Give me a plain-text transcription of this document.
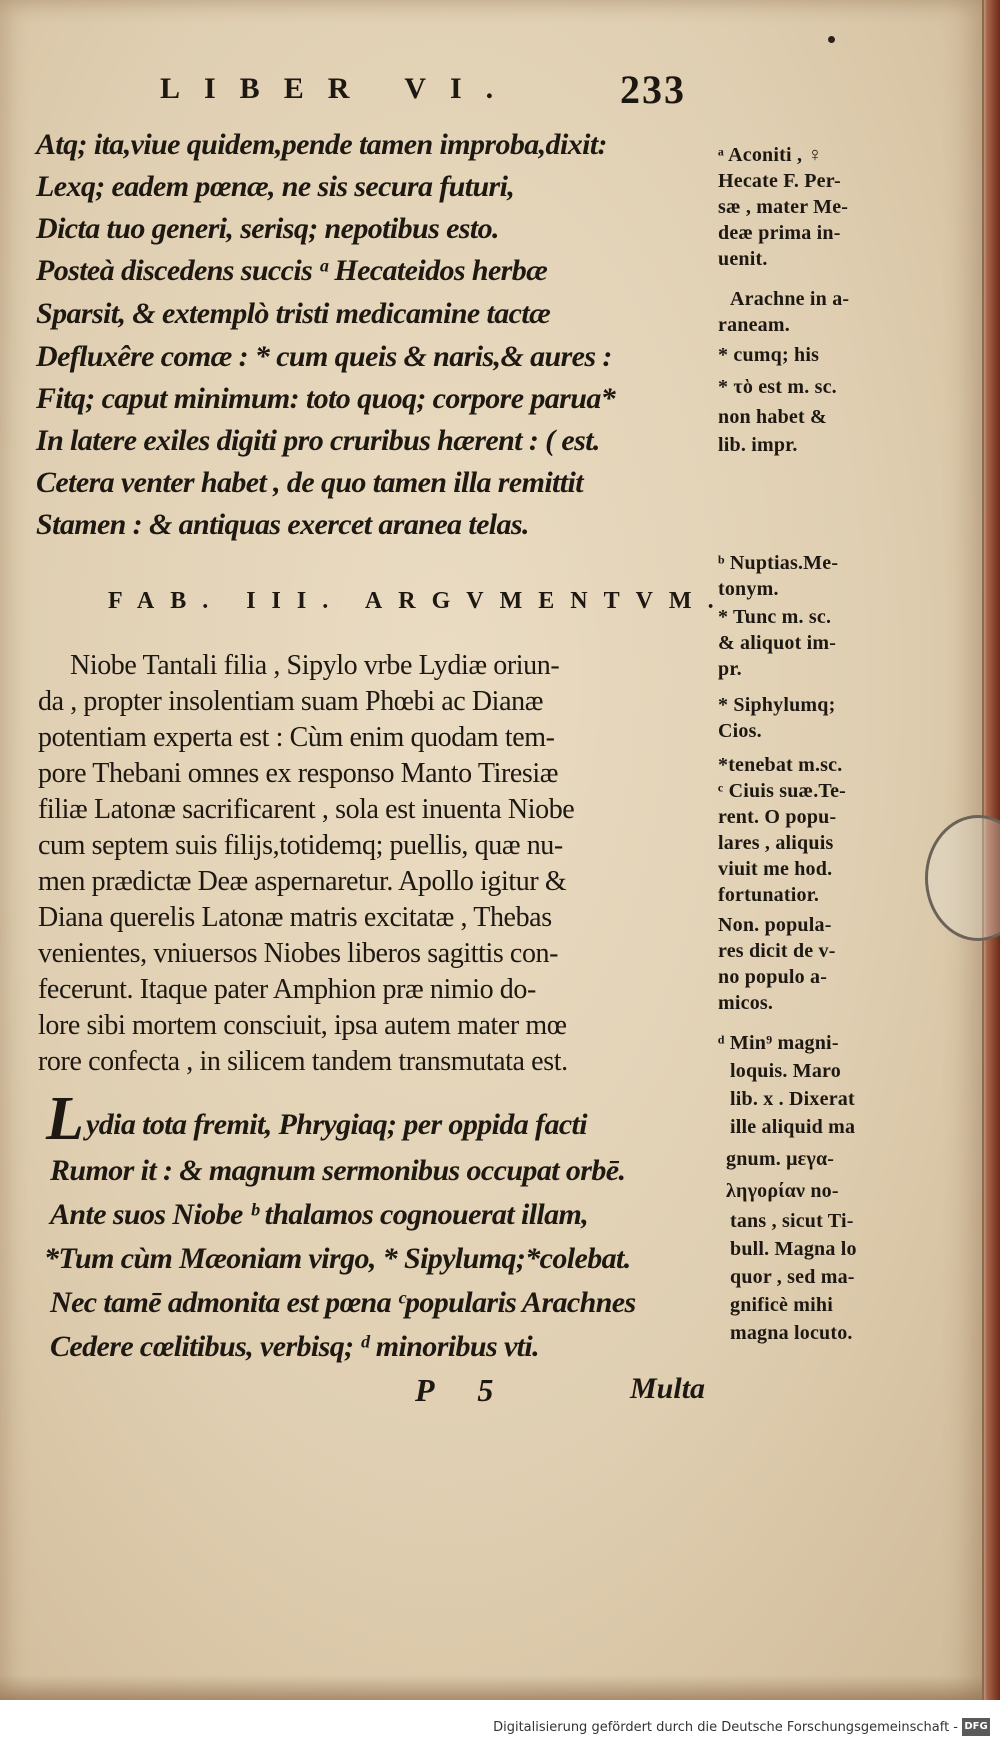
LIBER VI.	233
Atq; ita,viue quidem,pende tamen improba,dixit:
Lexq; eadem pœnæ, ne sis secura futuri,
Dicta tuo generi, serisq; nepotibus esto.
Posteà discedens succis ᵃ Hecateidos herbæ
Sparsit, & extemplò tristi medicamine tactæ
Defluxêre comæ : * cum queis & naris,& aures :
Fitq; caput minimum: toto quoq; corpore parua*
In latere exiles digiti pro cruribus hærent : ( est.
Cetera venter habet , de quo tamen illa remittit
Stamen : & antiquas exercet aranea telas.
FAB. III. ARGVMENTVM.
Niobe Tantali filia , Sipylo vrbe Lydiæ oriun-
da , propter insolentiam suam Phœbi ac Dianæ
potentiam experta est : Cùm enim quodam tem-
pore Thebani omnes ex responso Manto Tiresiæ
filiæ Latonæ sacrificarent , sola est inuenta Niobe
cum septem suis filijs,totidemq; puellis, quæ nu-
men prædictæ Deæ aspernaretur. Apollo igitur &
Diana querelis Latonæ matris excitatæ , Thebas
venientes, vniuersos Niobes liberos sagittis con-
fecerunt. Itaque pater Amphion præ nimio do-
lore sibi mortem consciuit, ipsa autem mater mœ
rore confecta , in silicem tandem transmutata est.
L ydia tota fremit, Phrygiaq; per oppida facti
Rumor it : & magnum sermonibus occupat orbē.
Ante suos Niobe ᵇ thalamos cognouerat illam,
*Tum cùm Mæoniam virgo, * Sipylumq;*colebat.
Nec tamē admonita est pœna ᶜpopularis Arachnes
Cedere cœlitibus, verbisq; ᵈ minoribus vti.
ᵃ Aconiti , ♀
Hecate F. Per-
sæ , mater Me-
deæ prima in-
uenit.
Arachne in a-
raneam.
* cumq; his
* τὸ est m. sc.
non habet &
lib. impr.
ᵇ Nuptias.Me-
tonym.
* Tunc m. sc.
& aliquot im-
pr.
* Siphylumq;
Cios.
*tenebat m.sc.
ᶜ Ciuis suæ.Te-
rent. O popu-
lares , aliquis
viuit me hod.
fortunatior.
Non. popula-
res dicit de v-
no populo a-
micos.
ᵈ Min⁹ magni-
loquis. Maro
lib. x . Dixerat
ille aliquid ma
gnum. μεγα-
ληγορίαν no-
tans , sicut Ti-
bull. Magna lo
quor , sed ma-
gnificè mihi
magna locuto.
P 5	Multa
Digitalisierung gefördert durch die Deutsche Forschungsgemeinschaft - DFG
